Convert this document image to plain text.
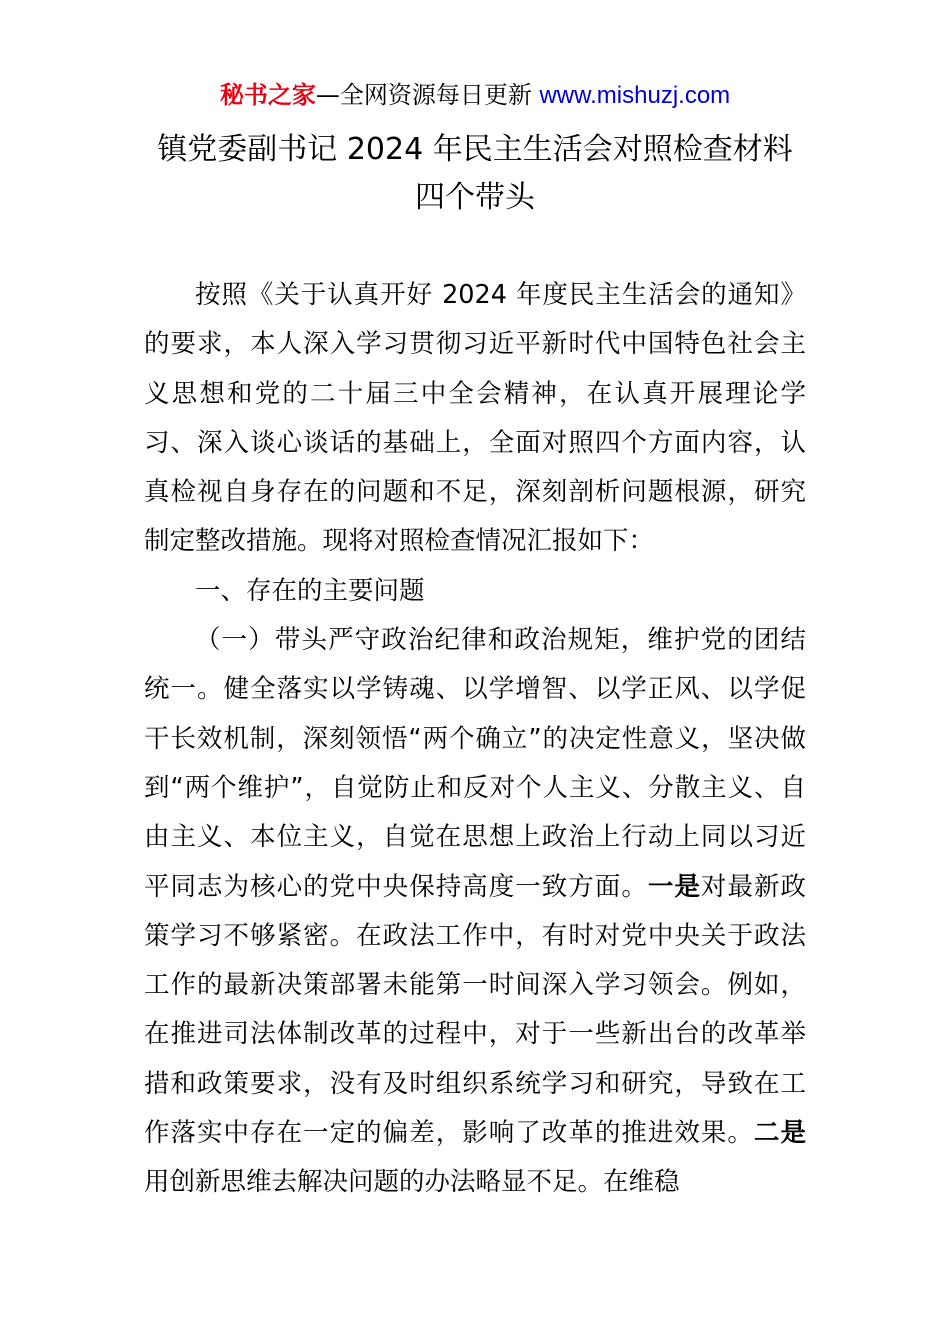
秘书之家—全网资源每日更新 www.mishuzj.com
镇党委副书记 2024 年民主生活会对照检查材料
四个带头

按照《关于认真开好 2024 年度民主生活会的通知》的要求，本人深入学习贯彻习近平新时代中国特色社会主义思想和党的二十届三中全会精神，在认真开展理论学习、深入谈心谈话的基础上，全面对照四个方面内容，认真检视自身存在的问题和不足，深刻剖析问题根源，研究制定整改措施。现将对照检查情况汇报如下：

一、存在的主要问题

（一）带头严守政治纪律和政治规矩，维护党的团结统一。健全落实以学铸魂、以学增智、以学正风、以学促干长效机制，深刻领悟“两个确立”的决定性意义，坚决做到“两个维护”，自觉防止和反对个人主义、分散主义、自由主义、本位主义，自觉在思想上政治上行动上同以习近平同志为核心的党中央保持高度一致方面。一是对最新政策学习不够紧密。在政法工作中，有时对党中央关于政法工作的最新决策部署未能第一时间深入学习领会。例如，在推进司法体制改革的过程中，对于一些新出台的改革举措和政策要求，没有及时组织系统学习和研究，导致在工作落实中存在一定的偏差，影响了改革的推进效果。二是用创新思维去解决问题的办法略显不足。在维稳
